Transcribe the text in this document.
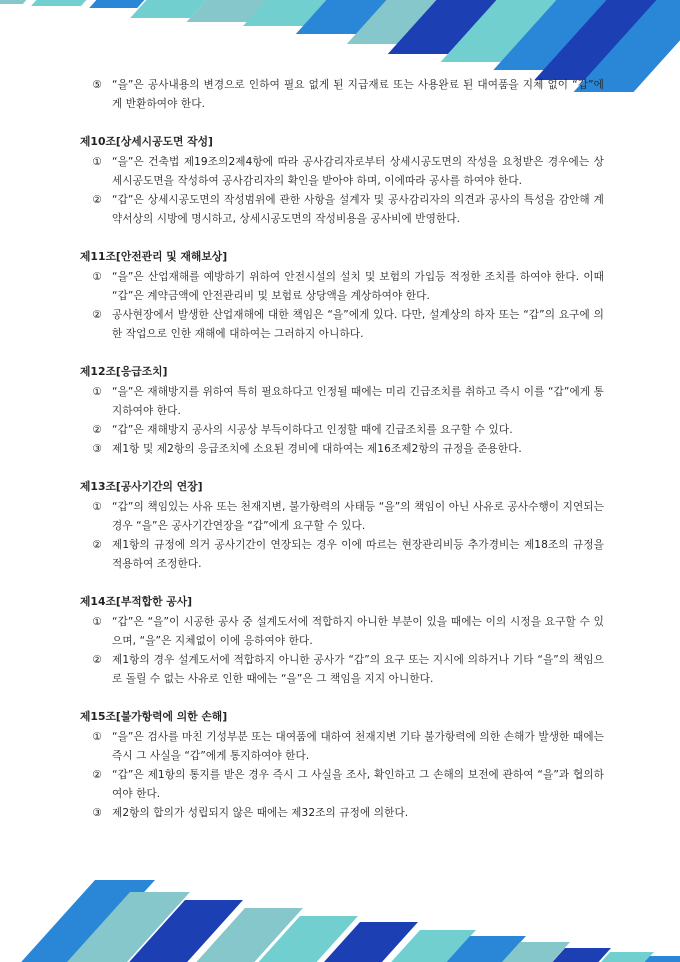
⑤ “을”은 공사내용의 변경으로 인하여 필요 없게 된 지급재료 또는 사용완료 된 대여품을 지체 없이 “갑”에게 반환하여야 한다.
제10조[상세시공도면 작성]
① “을”은 건축법 제19조의2제4항에 따라 공사감리자로부터 상세시공도면의 작성을 요청받은 경우에는 상세시공도면을 작성하여 공사감리자의 확인을 받아야 하며, 이에따라 공사를 하여야 한다.
② “갑”은 상세시공도면의 작성범위에 관한 사항을 설계자 및 공사감리자의 의견과 공사의 특성을 감안해 계약서상의 시방에 명시하고, 상세시공도면의 작성비용을 공사비에 반영한다.
제11조[안전관리 및 재해보상]
① “을”은 산업재해를 예방하기 위하여 안전시설의 설치 및 보험의 가입등 적정한 조치를 하여야 한다. 이때 “갑”은 계약금액에 안전관리비 및 보험료 상당액을 계상하여야 한다.
② 공사현장에서 발생한 산업재해에 대한 책임은 “을”에게 있다. 다만, 설계상의 하자 또는 “갑”의 요구에 의한 작업으로 인한 재해에 대하여는 그러하지 아니하다.
제12조[응급조치]
① “을”은 재해방지를 위하여 특히 필요하다고 인정될 때에는 미리 긴급조치를 취하고 즉시 이를 “갑”에게 통지하여야 한다.
② “갑”은 재해방지 공사의 시공상 부득이하다고 인정할 때에 긴급조치를 요구할 수 있다.
③ 제1항 및 제2항의 응급조치에 소요된 경비에 대하여는 제16조제2항의 규정을 준용한다.
제13조[공사기간의 연장]
① “갑”의 책임있는 사유 또는 천재지변, 불가항력의 사태등 “을”의 책임이 아닌 사유로 공사수행이 지연되는 경우 “을”은 공사기간연장을 “갑”에게 요구할 수 있다.
② 제1항의 규정에 의거 공사기간이 연장되는 경우 이에 따르는 현장관리비등 추가경비는 제18조의 규정을 적용하여 조정한다.
제14조[부적합한 공사]
① “갑”은 “을”이 시공한 공사 중 설계도서에 적합하지 아니한 부분이 있을 때에는 이의 시정을 요구할 수 있으며, “을”은 지체없이 이에 응하여야 한다.
② 제1항의 경우 설계도서에 적합하지 아니한 공사가 “갑”의 요구 또는 지시에 의하거나 기타 “을”의 책임으로 돌릴 수 없는 사유로 인한 때에는 “을”은 그 책임을 지지 아니한다.
제15조[불가항력에 의한 손해]
① “을”은 검사를 마친 기성부분 또는 대여품에 대하여 천재지변 기타 불가항력에 의한 손해가 발생한 때에는 즉시 그 사실을 “갑”에게 통지하여야 한다.
② “갑”은 제1항의 통지를 받은 경우 즉시 그 사실을 조사, 확인하고 그 손해의 보전에 관하여 “을”과 협의하여야 한다.
③ 제2항의 합의가 성립되지 않은 때에는 제32조의 규정에 의한다.
